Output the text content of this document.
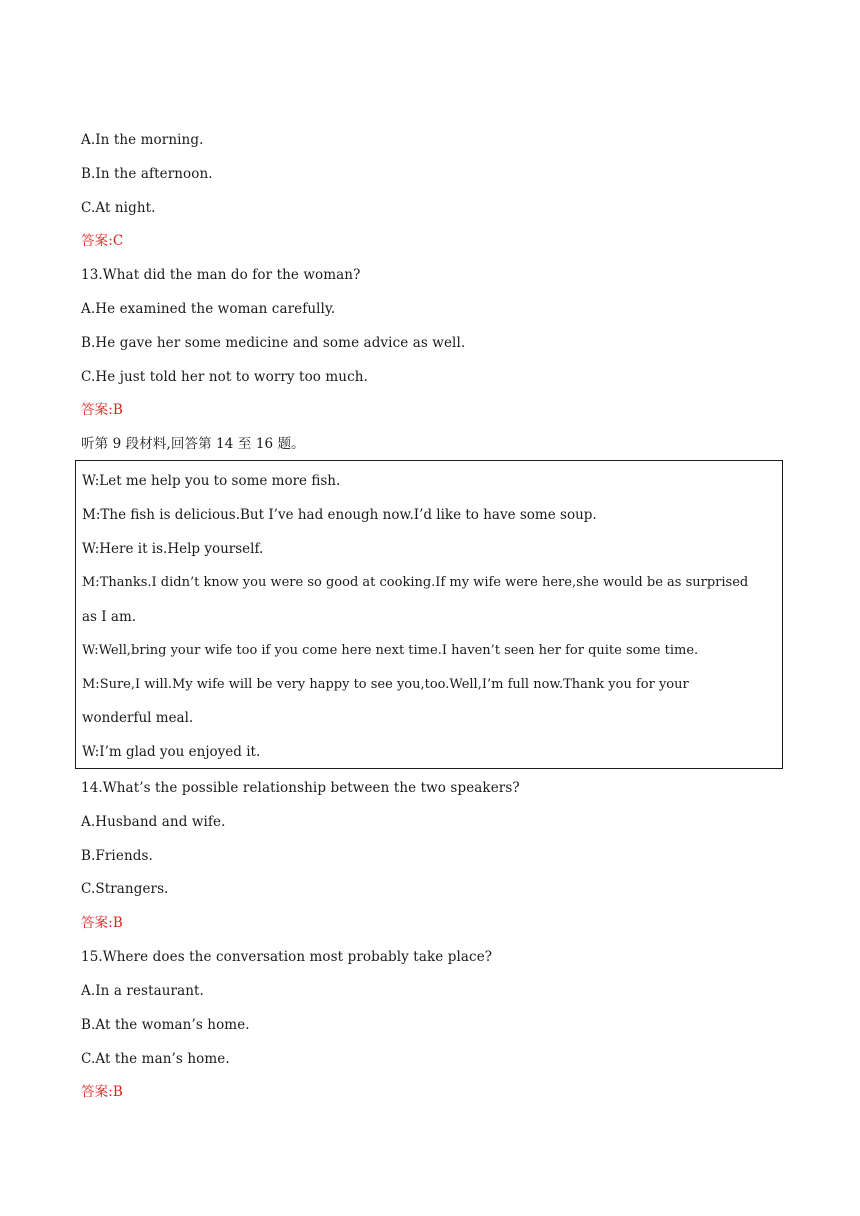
A.In the morning.
B.In the afternoon.
C.At night.
答案:C
13.What did the man do for the woman?
A.He examined the woman carefully.
B.He gave her some medicine and some advice as well.
C.He just told her not to worry too much.
答案:B
听第 9 段材料,回答第 14 至 16 题。
W:Let me help you to some more fish.
M:The fish is delicious.But I’ve had enough now.I’d like to have some soup.
W:Here it is.Help yourself.
M:Thanks.I didn’t know you were so good at cooking.If my wife were here,she would be as surprised
as I am.
W:Well,bring your wife too if you come here next time.I haven’t seen her for quite some time.
M:Sure,I will.My wife will be very happy to see you,too.Well,I’m full now.Thank you for your
wonderful meal.
W:I’m glad you enjoyed it.
14.What’s the possible relationship between the two speakers?
A.Husband and wife.
B.Friends.
C.Strangers.
答案:B
15.Where does the conversation most probably take place?
A.In a restaurant.
B.At the woman’s home.
C.At the man’s home.
答案:B
